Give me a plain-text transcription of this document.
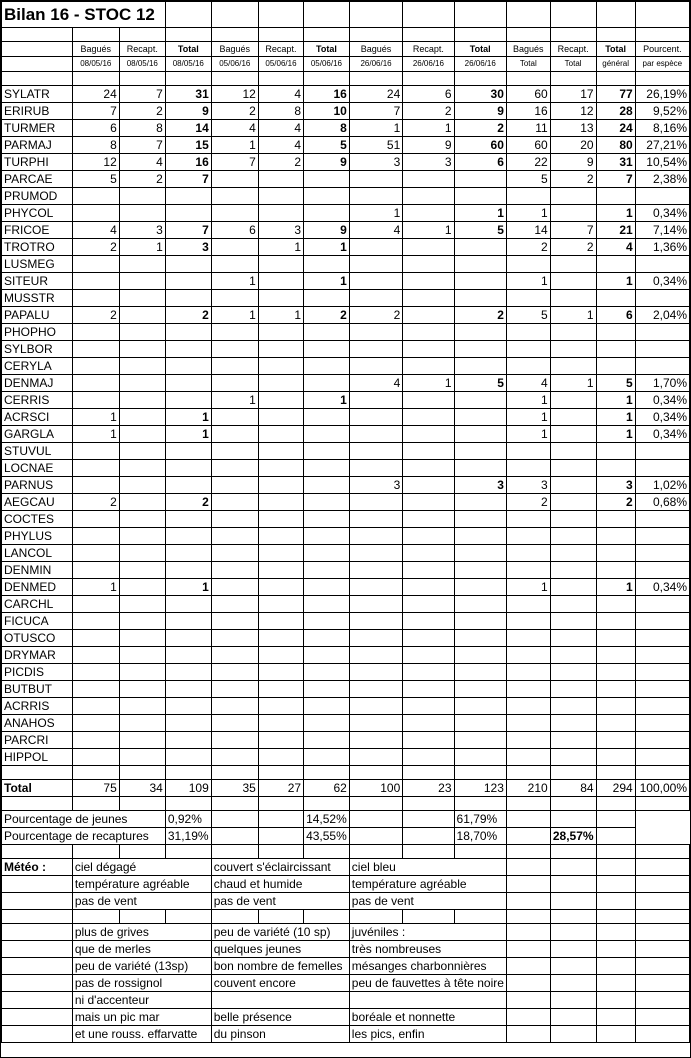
Bilan 16 - STOC 12													

	Bagués	Recapt.	Total	Bagués	Recapt.	Total	Bagués	Recapt.	Total	Bagués	Recapt.	Total	Pourcent.
	08/05/16	08/05/16	08/05/16	05/06/16	05/06/16	05/06/16	26/06/16	26/06/16	26/06/16	Total	Total	général	par espèce

SYLATR	24	7	31	12	4	16	24	6	30	60	17	77	26,19%
ERIRUB	7	2	9	2	8	10	7	2	9	16	12	28	9,52%
TURMER	6	8	14	4	4	8	1	1	2	11	13	24	8,16%
PARMAJ	8	7	15	1	4	5	51	9	60	60	20	80	27,21%
TURPHI	12	4	16	7	2	9	3	3	6	22	9	31	10,54%
PARCAE	5	2	7							5	2	7	2,38%
PRUMOD													
PHYCOL							1		1	1		1	0,34%
FRICOE	4	3	7	6	3	9	4	1	5	14	7	21	7,14%
TROTRO	2	1	3		1	1				2	2	4	1,36%
LUSMEG													
SITEUR				1		1				1		1	0,34%
MUSSTR													
PAPALU	2		2	1	1	2	2		2	5	1	6	2,04%
PHOPHO													
SYLBOR													
CERYLA													
DENMAJ							4	1	5	4	1	5	1,70%
CERRIS				1		1				1		1	0,34%
ACRSCI	1		1							1		1	0,34%
GARGLA	1		1							1		1	0,34%
STUVUL													
LOCNAE													
PARNUS							3		3	3		3	1,02%
AEGCAU	2		2							2		2	0,68%
COCTES													
PHYLUS													
LANCOL													
DENMIN													
DENMED	1		1							1		1	0,34%
CARCHL													
FICUCA													
OTUSCO													
DRYMAR													
PICDIS													
BUTBUT													
ACRRIS													
ANAHOS													
PARCRI													
HIPPOL													

Total	75	34	109	35	27	62	100	23	123	210	84	294	100,00%

Pourcentage de jeunes			0,92%			14,52%			61,79%				
Pourcentage de recaptures			31,19%			43,55%			18,70%		28,57%		

Météo :	ciel dégagé			couvert s'éclaircissant			ciel bleu						
	température agréable			chaud et humide			température agréable						
	pas de vent			pas de vent			pas de vent						

	plus de grives			peu de variété (10 sp)			juvéniles :						
	que de merles			quelques jeunes			très nombreuses						
	peu de variété (13sp)			bon nombre de femelles			mésanges charbonnières						
	pas de rossignol			couvent encore			peu de fauvettes à tête noire						
	ni d'accenteur												
	mais un pic mar			belle présence			boréale et nonnette						
	et une rouss. effarvatte			du pinson			les pics, enfin						
